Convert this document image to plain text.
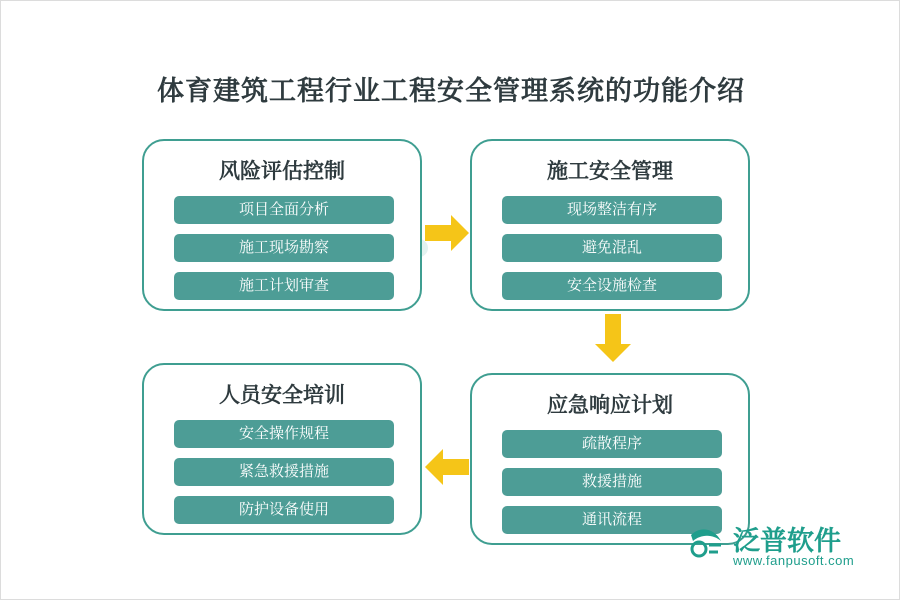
体育建筑工程行业工程安全管理系统的功能介绍
风险评估控制
项目全面分析
施工现场勘察
施工计划审查
施工安全管理
现场整洁有序
避免混乱
安全设施检查
应急响应计划
疏散程序
救援措施
通讯流程
人员安全培训
安全操作规程
紧急救援措施
防护设备使用
泛普软件
www.fanpusoft.com
